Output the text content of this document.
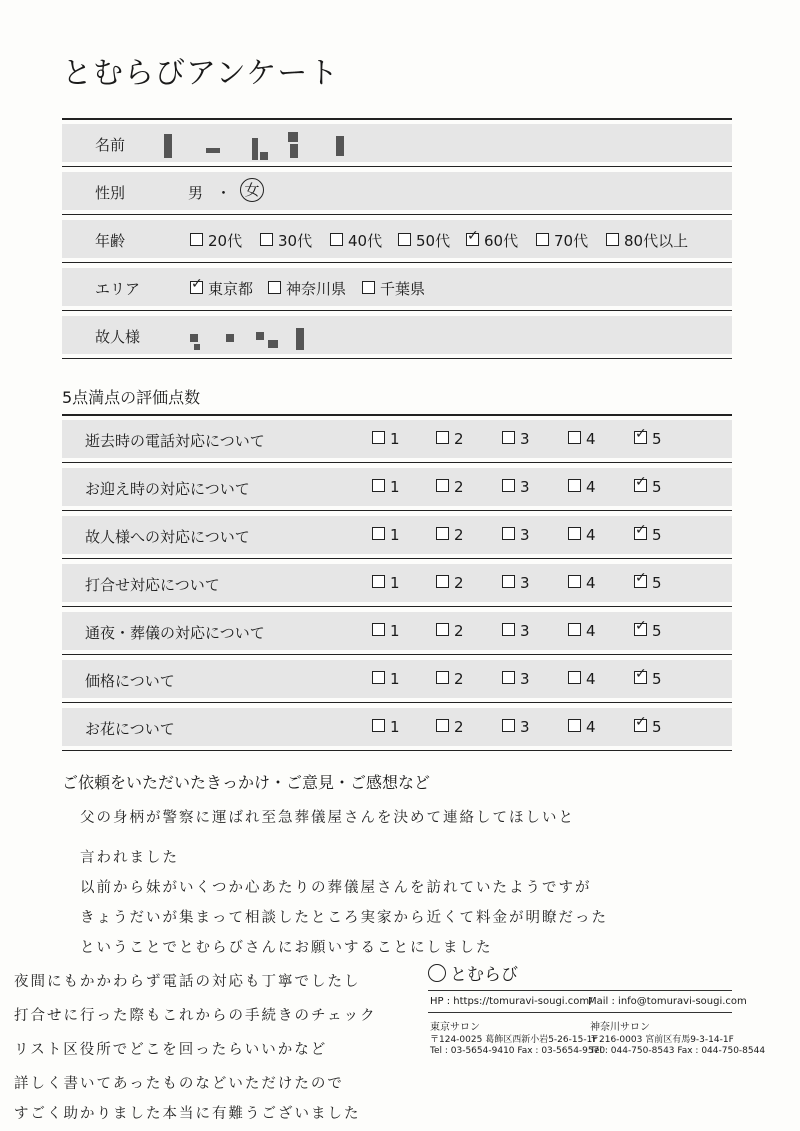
とむらびアンケート
名前
性別	男 ・ 女
年齢	20代	30代	40代	50代 ✓	60代	70代	80代以上
エリア ✓	東京都	神奈川県	千葉県
故人様
5点満点の評価点数
逝去時の電話対応について	1	2	3	4 ✓	5
お迎え時の対応について	1	2	3	4 ✓	5
故人様への対応について	1	2	3	4 ✓	5
打合せ対応について	1	2	3	4 ✓	5
通夜・葬儀の対応について	1	2	3	4 ✓	5
価格について	1	2	3	4 ✓	5
お花について	1	2	3	4 ✓	5
ご依頼をいただいたきっかけ・ご意見・ご感想など
父の身柄が警察に運ばれ至急葬儀屋さんを決めて連絡してほしいと
言われました
以前から妹がいくつか心あたりの葬儀屋さんを訪れていたようですが
きょうだいが集まって相談したところ実家から近くて料金が明瞭だった
ということでとむらびさんにお願いすることにしました
夜間にもかかわらず電話の対応も丁寧でしたし
打合せに行った際もこれからの手続きのチェック
リスト区役所でどこを回ったらいいかなど
詳しく書いてあったものなどいただけたので
すごく助かりました本当に有難うございました
とむらび
HP : https://tomuravi-sougi.com/
Mail : info@tomuravi-sougi.com
東京サロン
〒124-0025 葛飾区西新小岩5-26-15-1F
Tel : 03-5654-9410 Fax : 03-5654-9570
神奈川サロン
〒216-0003 宮前区有馬9-3-14-1F
Tel : 044-750-8543 Fax : 044-750-8544
